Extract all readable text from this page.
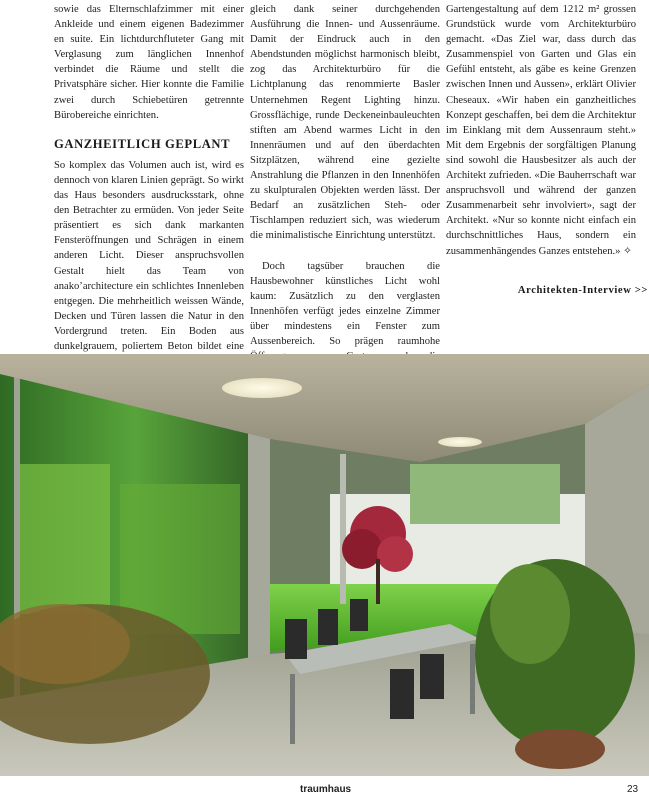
sowie das Elternschlafzimmer mit einer Ankleide und einem eigenen Badezimmer en suite. Ein lichtdurchfluteter Gang mit Verglasung zum länglichen Innenhof verbindet die Räume und stellt die Privatsphäre sicher. Hier konnte die Familie zwei durch Schiebetüren getrennte Bürobereiche einrichten.

GANZHEITLICH GEPLANT

So komplex das Volumen auch ist, wird es dennoch von klaren Linien geprägt. So wirkt das Haus besonders ausdrucksstark, ohne den Betrachter zu ermüden. Von jeder Seite präsentiert es sich dank markanten Fensteröffnungen und Schrägen in einem anderen Licht. Dieser anspruchsvollen Gestalt hielt das Team von anako’architecture ein schlichtes Innenleben entgegen. Die mehrheitlich weissen Wände, Decken und Türen lassen die Natur in den Vordergrund treten. Ein Boden aus dunkelgrauem, poliertem Beton bildet eine

gleich dank seiner durchgehenden Ausführung die Innen- und Aussenräume. Damit der Eindruck auch in den Abendstunden möglichst harmonisch bleibt, zog das Architekturbüro für die Lichtplanung das renommierte Basler Unternehmen Regent Lighting hinzu. Grossflächige, runde Deckeneinbauleuchten stiften am Abend warmes Licht in den Innenräumen und auf den überdachten Sitzplätzen, während eine gezielte Anstrahlung die Pflanzen in den Innenhöfen zu skulpturalen Objekten werden lässt. Der Bedarf an zusätzlichen Steh- oder Tischlampen reduziert sich, was wiederum die minimalistische Einrichtung unterstützt.

Doch tagsüber brauchen die Hausbewohner künstliches Licht wohl kaum: Zusätzlich zu den verglasten Innenhöfen verfügt jedes einzelne Zimmer über mindestens ein Fenster zum Aussenbereich. So prägen raumhohe

Gartengestaltung auf dem 1212 m² grossen Grundstück wurde vom Architekturbüro gemacht. «Das Ziel war, dass durch das Zusammenspiel von Garten und Glas ein Gefühl entsteht, als gäbe es keine Grenzen zwischen Innen und Aussen», erklärt Olivier Cheseaux. «Wir haben ein ganzheitliches Konzept geschaffen, bei dem die Architektur im Einklang mit dem Aussenraum steht.» Mit dem Ergebnis der sorgfältigen Planung sind sowohl die Hausbesitzer als auch der Architekt zufrieden. «Die Bauherrschaft war anspruchsvoll und während der ganzen Zusammenarbeit sehr involviert», sagt der Architekt. «Nur so konnte nicht einfach ein durchschnittliches Haus, sondern ein zusammenhängendes Ganzes entstehen.» ✧

Architekten-Interview >>
traumhaus	23
